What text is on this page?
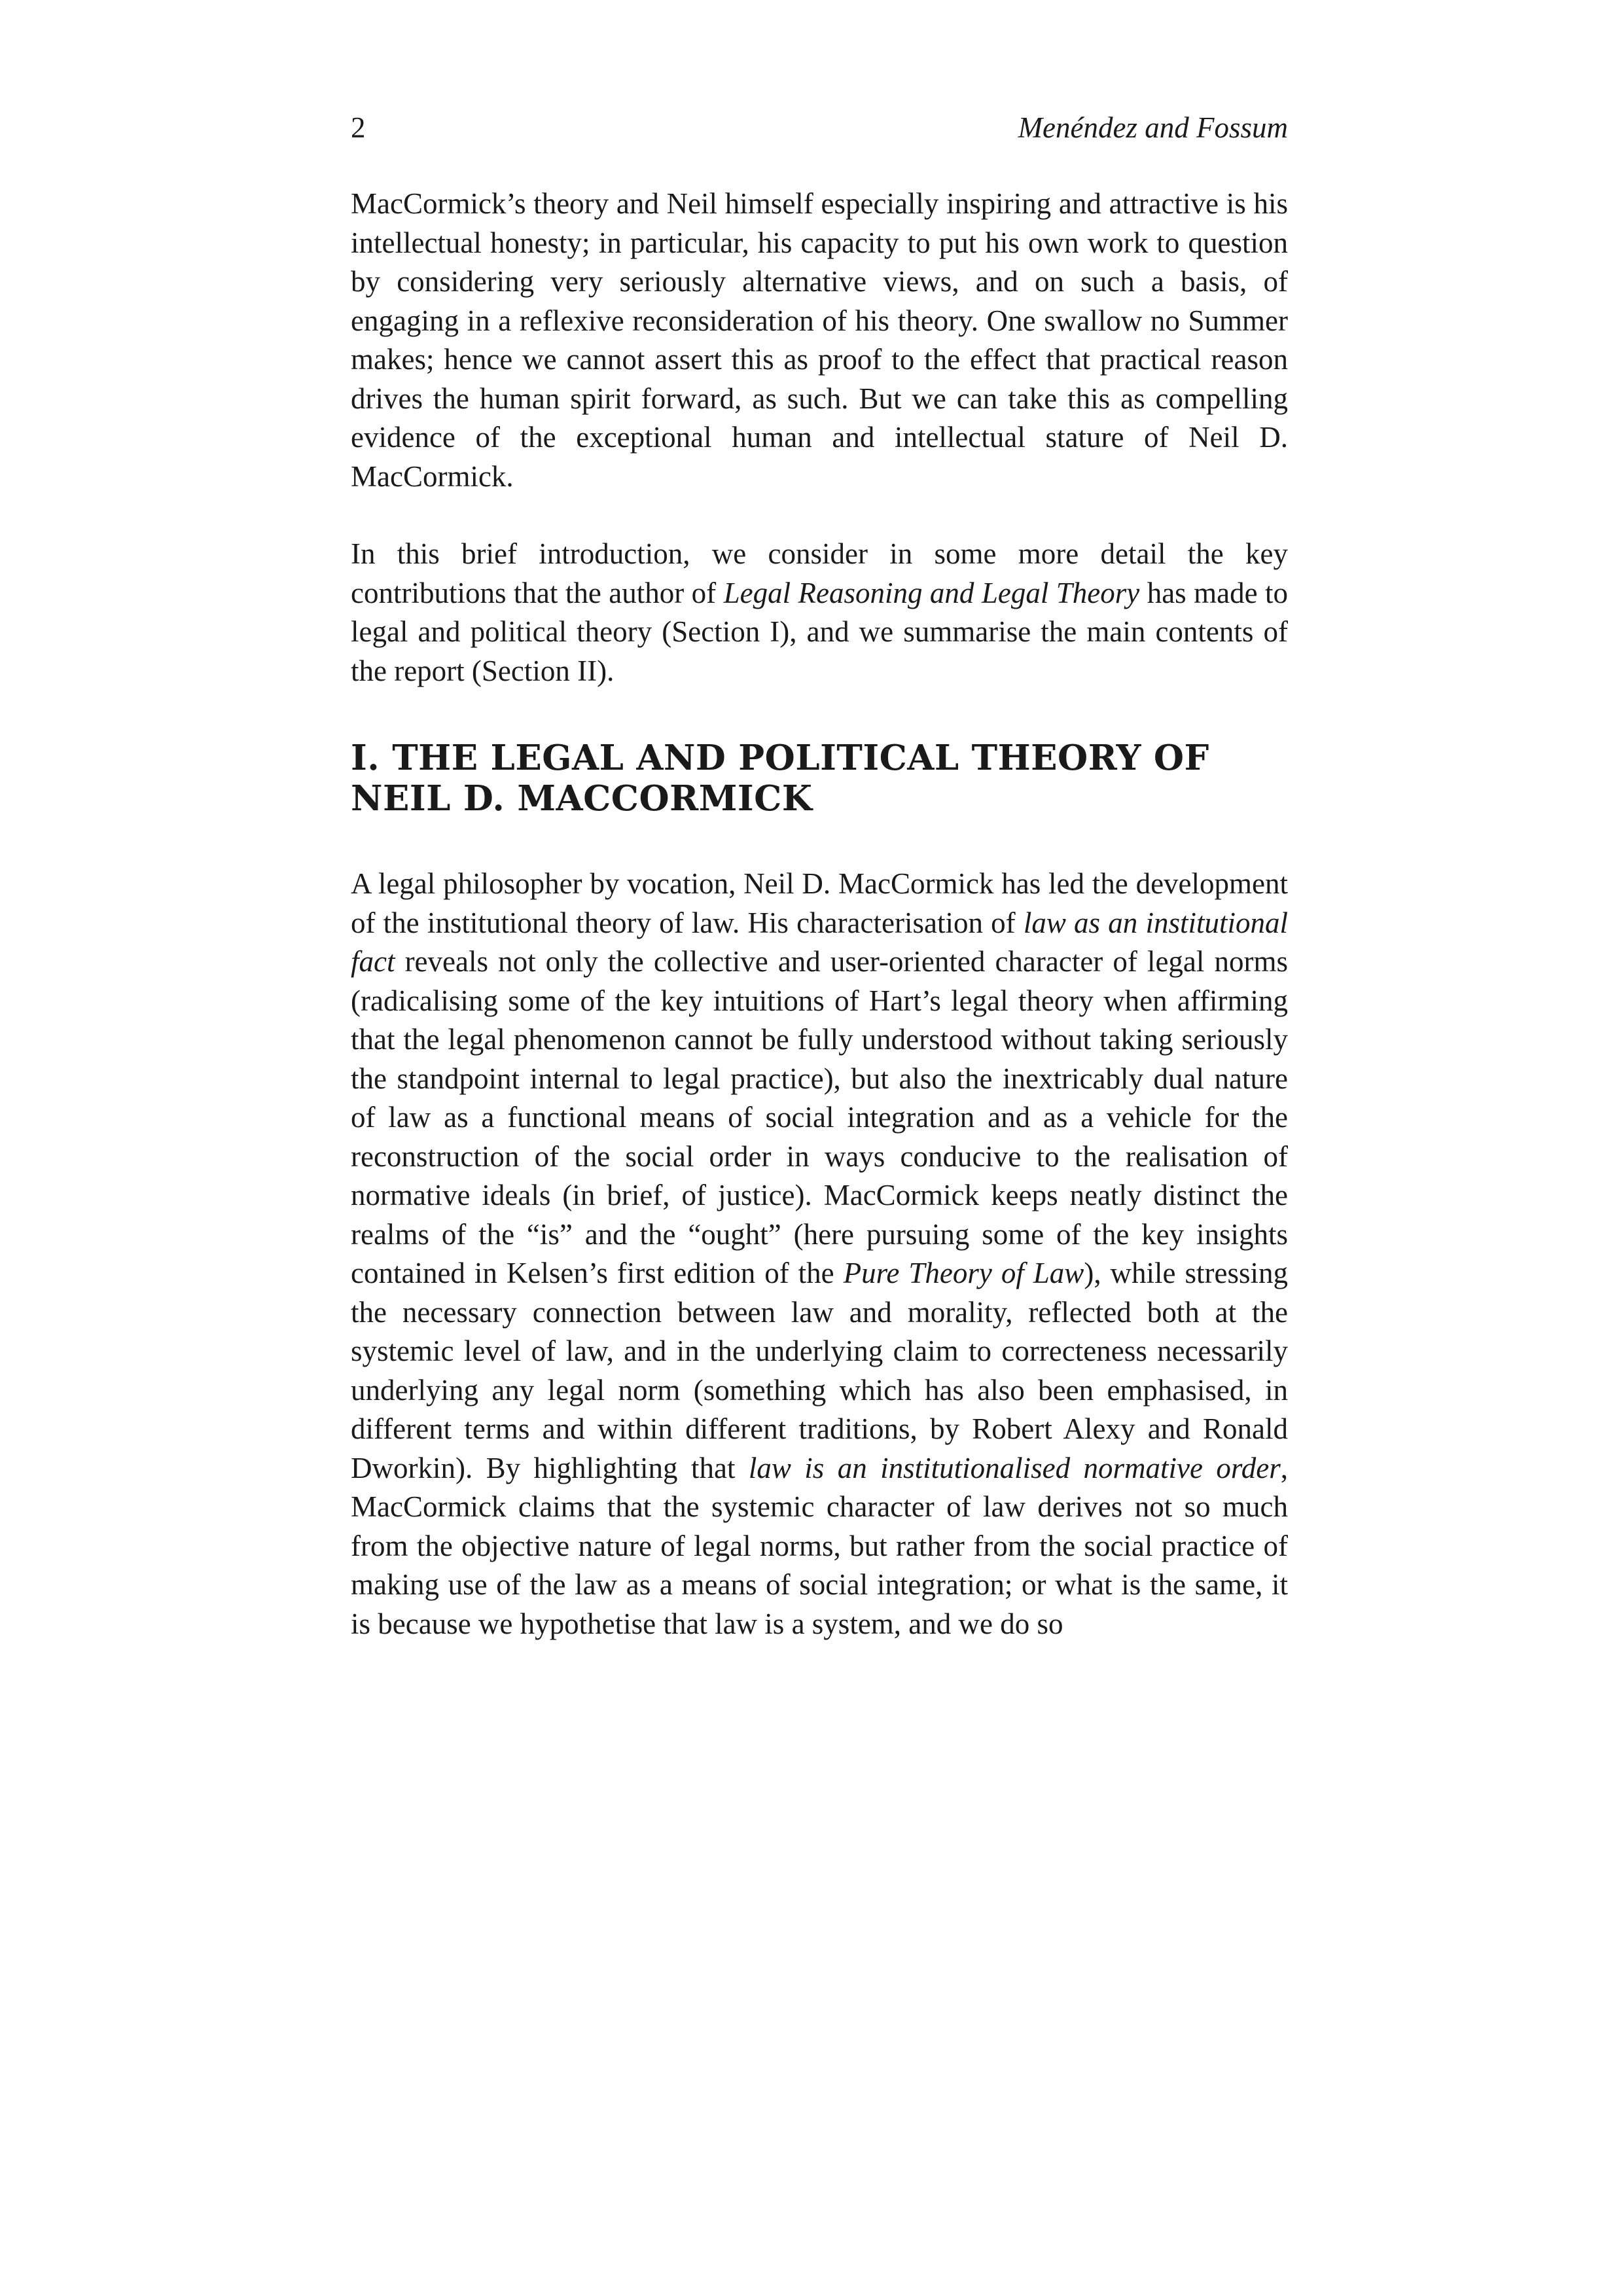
2	Menéndez and Fossum

MacCormick’s theory and Neil himself especially inspiring and attractive is his intellectual honesty; in particular, his capacity to put his own work to question by considering very seriously alternative views, and on such a basis, of engaging in a reflexive reconsideration of his theory. One swallow no Summer makes; hence we cannot assert this as proof to the effect that practical reason drives the human spirit forward, as such. But we can take this as compelling evidence of the exceptional human and intellectual stature of Neil D. MacCormick.

In this brief introduction, we consider in some more detail the key contributions that the author of Legal Reasoning and Legal Theory has made to legal and political theory (Section I), and we summarise the main contents of the report (Section II).

I. THE LEGAL AND POLITICAL THEORY OF
NEIL D. MACCORMICK

A legal philosopher by vocation, Neil D. MacCormick has led the development of the institutional theory of law. His characterisation of law as an institutional fact reveals not only the collective and user-oriented character of legal norms (radicalising some of the key intuitions of Hart’s legal theory when affirming that the legal phenomenon cannot be fully understood without taking seriously the standpoint internal to legal practice), but also the inextricably dual nature of law as a functional means of social integration and as a vehicle for the reconstruction of the social order in ways conducive to the realisation of normative ideals (in brief, of justice). MacCormick keeps neatly distinct the realms of the “is” and the “ought” (here pursuing some of the key insights contained in Kelsen’s first edition of the Pure Theory of Law), while stressing the necessary connection between law and morality, reflected both at the systemic level of law, and in the underlying claim to correcteness necessarily underlying any legal norm (something which has also been emphasised, in different terms and within different traditions, by Robert Alexy and Ronald Dworkin). By highlighting that law is an institutionalised normative order, MacCormick claims that the systemic character of law derives not so much from the objective nature of legal norms, but rather from the social practice of making use of the law as a means of social integration; or what is the same, it is because we hypothetise that law is a system, and we do so
